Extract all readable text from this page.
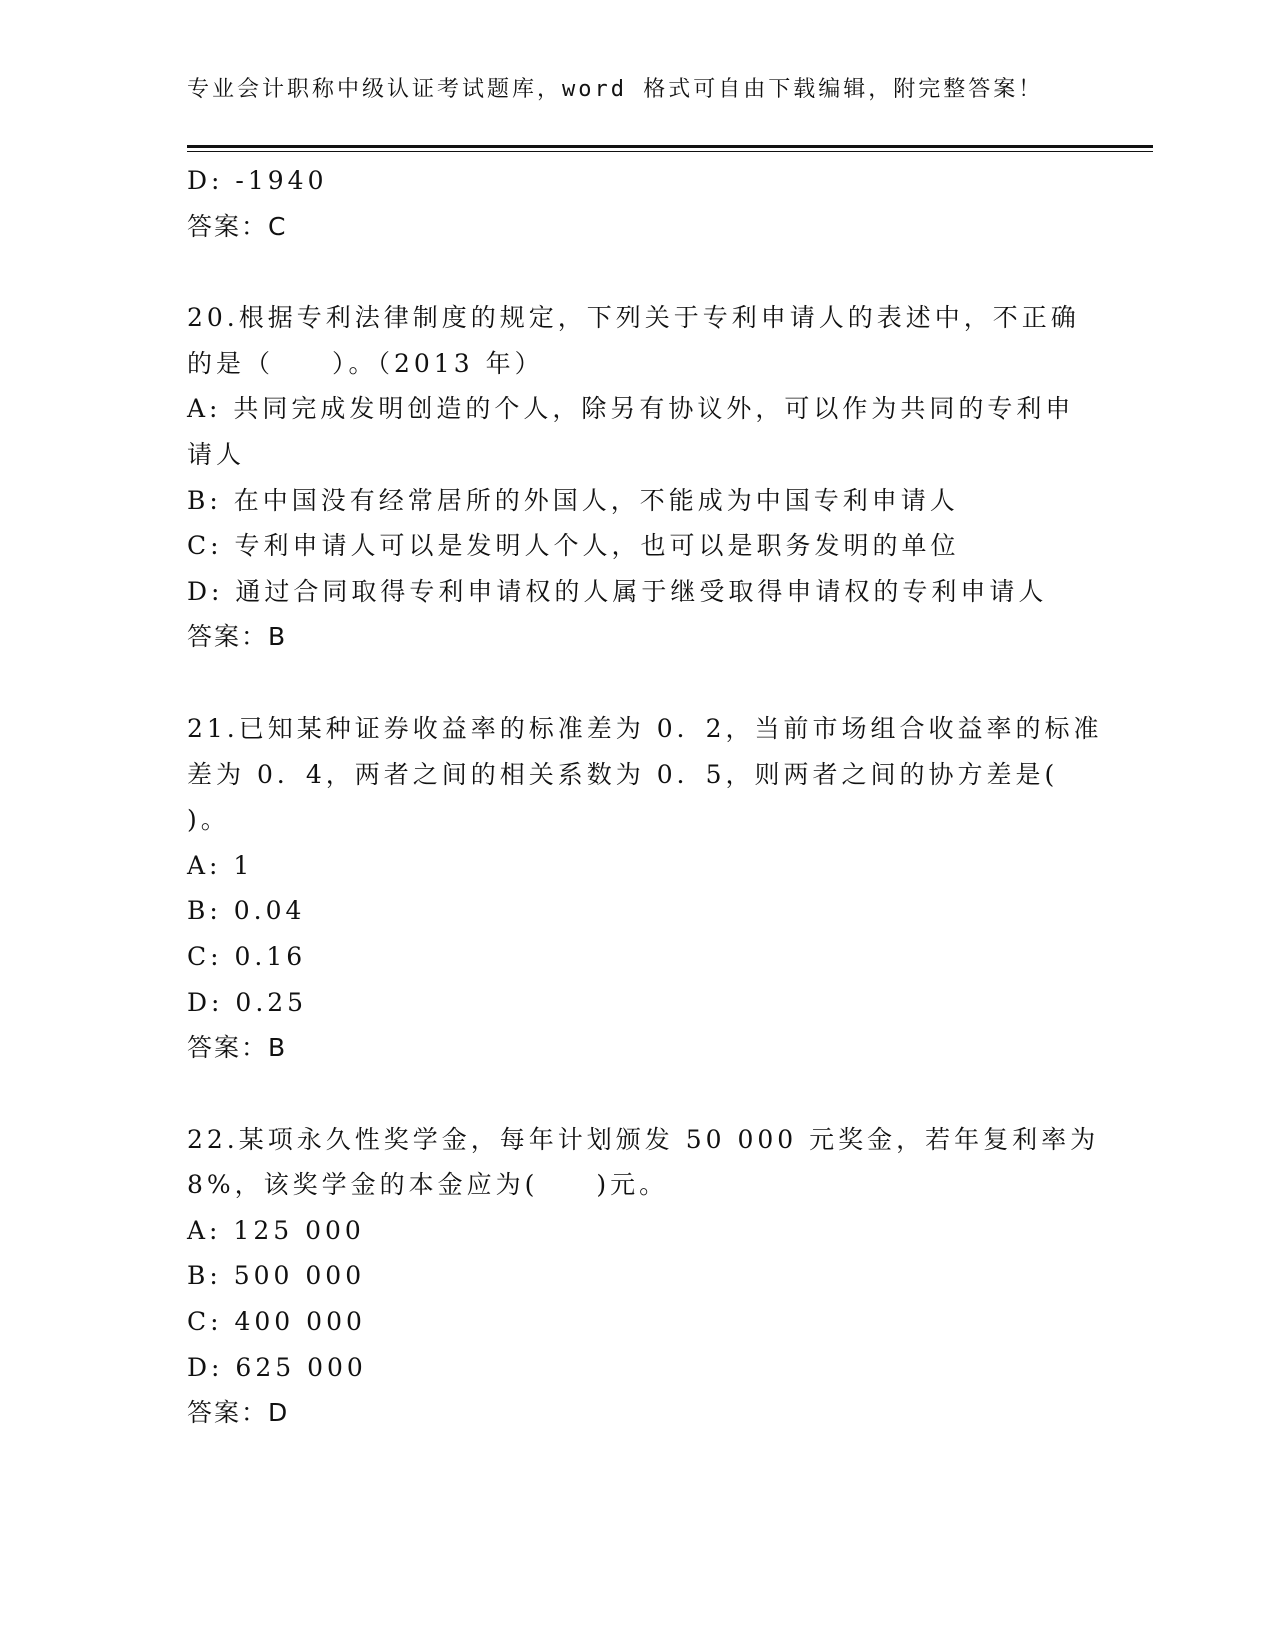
专业会计职称中级认证考试题库，word 格式可自由下载编辑，附完整答案！
D: -1940
答案：C
20.根据专利法律制度的规定，下列关于专利申请人的表述中，不正确
的是（　　）。（2013 年）
A: 共同完成发明创造的个人，除另有协议外，可以作为共同的专利申
请人
B: 在中国没有经常居所的外国人，不能成为中国专利申请人
C: 专利申请人可以是发明人个人，也可以是职务发明的单位
D: 通过合同取得专利申请权的人属于继受取得申请权的专利申请人
答案：B
21.已知某种证券收益率的标准差为 0．2，当前市场组合收益率的标准
差为 0．4，两者之间的相关系数为 0．5，则两者之间的协方差是(
)。
A: 1
B: 0.04
C: 0.16
D: 0.25
答案：B
22.某项永久性奖学金，每年计划颁发 50 000 元奖金，若年复利率为
8%，该奖学金的本金应为(　　)元。
A: 125 000
B: 500 000
C: 400 000
D: 625 000
答案：D
